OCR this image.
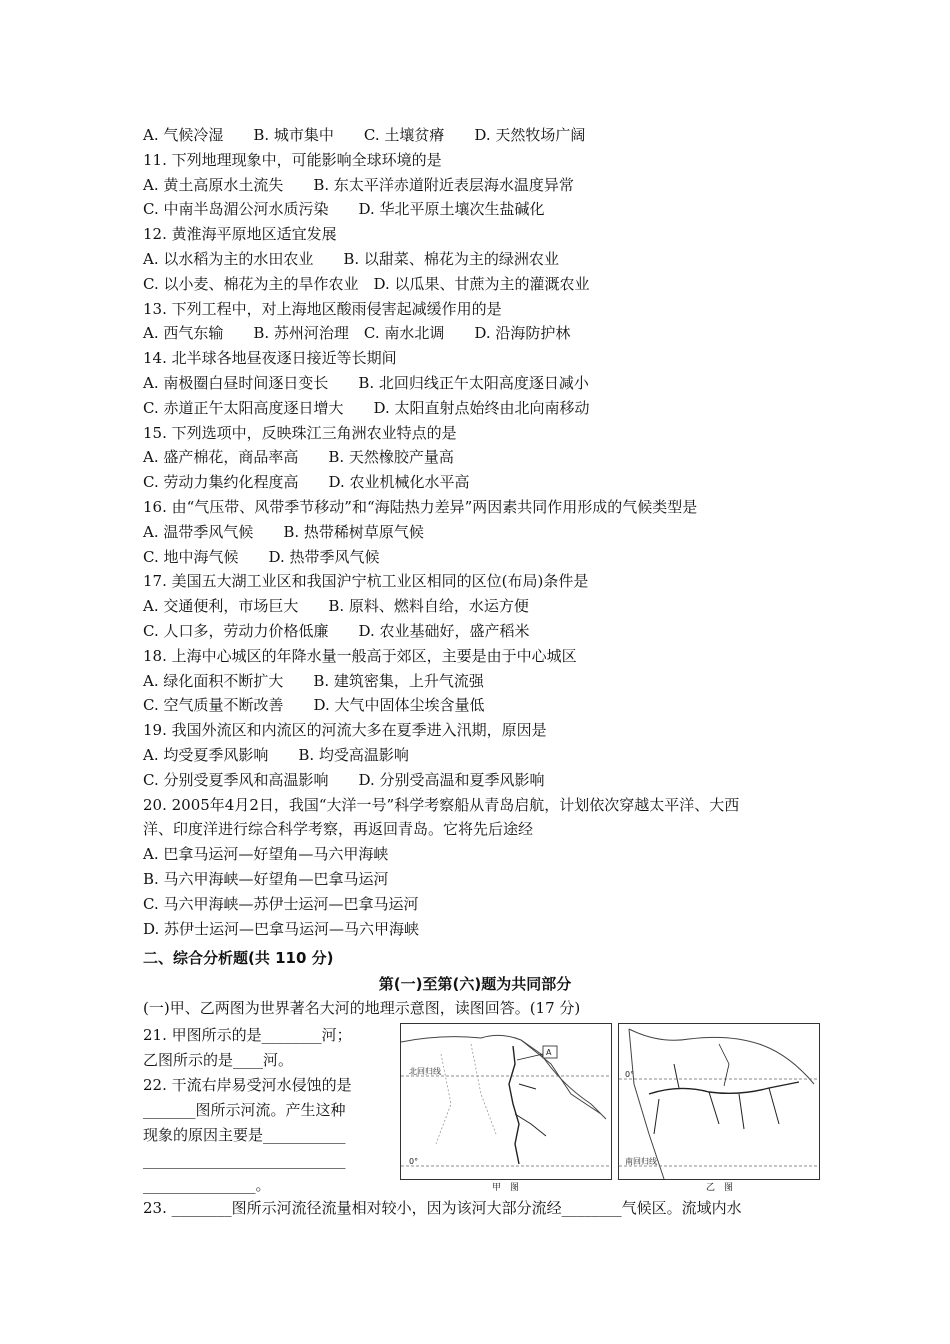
A. 气候冷湿　　B. 城市集中　　C. 土壤贫瘠　　D. 天然牧场广阔
11. 下列地理现象中，可能影响全球环境的是
A. 黄土高原水土流失　　B. 东太平洋赤道附近表层海水温度异常
C. 中南半岛湄公河水质污染　　D. 华北平原土壤次生盐碱化
12. 黄淮海平原地区适宜发展
A. 以水稻为主的水田农业　　B. 以甜菜、棉花为主的绿洲农业
C. 以小麦、棉花为主的旱作农业　D. 以瓜果、甘蔗为主的灌溉农业
13. 下列工程中，对上海地区酸雨侵害起减缓作用的是
A. 西气东输　　B. 苏州河治理　C. 南水北调　　D. 沿海防护林
14. 北半球各地昼夜逐日接近等长期间
A. 南极圈白昼时间逐日变长　　B. 北回归线正午太阳高度逐日减小
C. 赤道正午太阳高度逐日增大　　D. 太阳直射点始终由北向南移动
15. 下列选项中，反映珠江三角洲农业特点的是
A. 盛产棉花，商品率高　　B. 天然橡胶产量高
C. 劳动力集约化程度高　　D. 农业机械化水平高
16. 由“气压带、风带季节移动”和“海陆热力差异”两因素共同作用形成的气候类型是
A. 温带季风气候　　B. 热带稀树草原气候
C. 地中海气候　　D. 热带季风气候
17. 美国五大湖工业区和我国沪宁杭工业区相同的区位(布局)条件是
A. 交通便利，市场巨大　　B. 原料、燃料自给，水运方便
C. 人口多，劳动力价格低廉　　D. 农业基础好，盛产稻米
18. 上海中心城区的年降水量一般高于郊区，主要是由于中心城区
A. 绿化面积不断扩大　　B. 建筑密集，上升气流强
C. 空气质量不断改善　　D. 大气中固体尘埃含量低
19. 我国外流区和内流区的河流大多在夏季进入汛期，原因是
A. 均受夏季风影响　　B. 均受高温影响
C. 分别受夏季风和高温影响　　D. 分别受高温和夏季风影响
20. 2005年4月2日，我国“大洋一号”科学考察船从青岛启航，计划依次穿越太平洋、大西
洋、印度洋进行综合科学考察，再返回青岛。它将先后途经
A. 巴拿马运河—好望角—马六甲海峡
B. 马六甲海峡—好望角—巴拿马运河
C. 马六甲海峡—苏伊士运河—巴拿马运河
D. 苏伊士运河—巴拿马运河—马六甲海峡
二、综合分析题(共 110 分)
第(一)至第(六)题为共同部分
(一)甲、乙两图为世界著名大河的地理示意图，读图回答。(17 分)
21. 甲图所示的是________河；
乙图所示的是____河。
22. 干流右岸易受河水侵蚀的是
_______图所示河流。产生这种
现象的原因主要是___________
___________________________
_______________。
北回归线
0°
A
甲　图
0°
南回归线
乙　图
23. ________图所示河流径流量相对较小，因为该河大部分流经________气候区。流域内水
